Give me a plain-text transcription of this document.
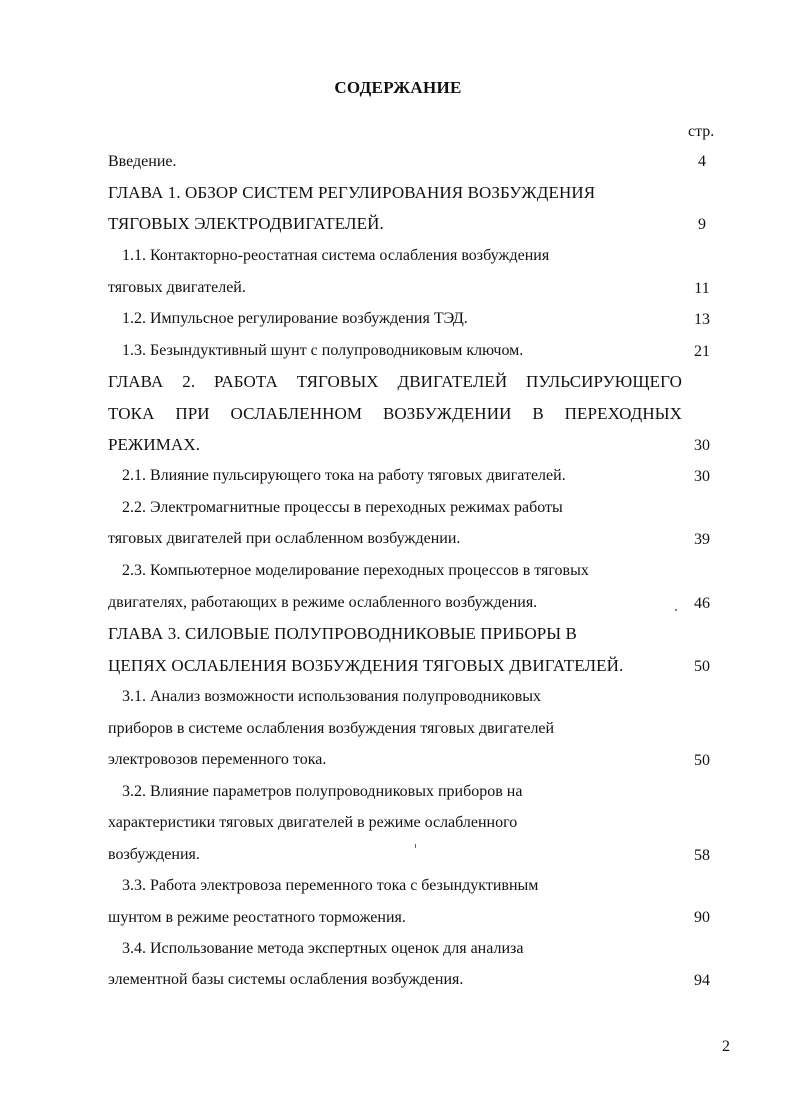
СОДЕРЖАНИЕ
стр.
Введение.	4
ГЛАВА 1. ОБЗОР СИСТЕМ РЕГУЛИРОВАНИЯ ВОЗБУЖДЕНИЯ
ТЯГОВЫХ ЭЛЕКТРОДВИГАТЕЛЕЙ.	9
1.1. Контакторно-реостатная система ослабления возбуждения
тяговых двигателей.	11
1.2. Импульсное регулирование возбуждения ТЭД.	13
1.3. Безындуктивный шунт с полупроводниковым ключом.	21
ГЛАВА 2. РАБОТА ТЯГОВЫХ ДВИГАТЕЛЕЙ ПУЛЬСИРУЮЩЕГО
ТОКА ПРИ ОСЛАБЛЕННОМ ВОЗБУЖДЕНИИ В ПЕРЕХОДНЫХ
РЕЖИМАХ.	30
2.1. Влияние пульсирующего тока на работу тяговых двигателей.	30
2.2. Электромагнитные процессы в переходных режимах работы
тяговых двигателей при ослабленном возбуждении.	39
2.3. Компьютерное моделирование переходных процессов в тяговых
двигателях, работающих в режиме ослабленного возбуждения.	46
ГЛАВА 3. СИЛОВЫЕ ПОЛУПРОВОДНИКОВЫЕ ПРИБОРЫ В
ЦЕПЯХ ОСЛАБЛЕНИЯ ВОЗБУЖДЕНИЯ ТЯГОВЫХ ДВИГАТЕЛЕЙ.	50
3.1. Анализ возможности использования полупроводниковых
приборов в системе ослабления возбуждения тяговых двигателей
электровозов переменного тока.	50
3.2. Влияние параметров полупроводниковых приборов на
характеристики тяговых двигателей в режиме ослабленного
возбуждения.	58
3.3. Работа электровоза переменного тока с безындуктивным
шунтом в режиме реостатного торможения.	90
3.4. Использование метода экспертных оценок для анализа
элементной базы системы ослабления возбуждения.	94
2
